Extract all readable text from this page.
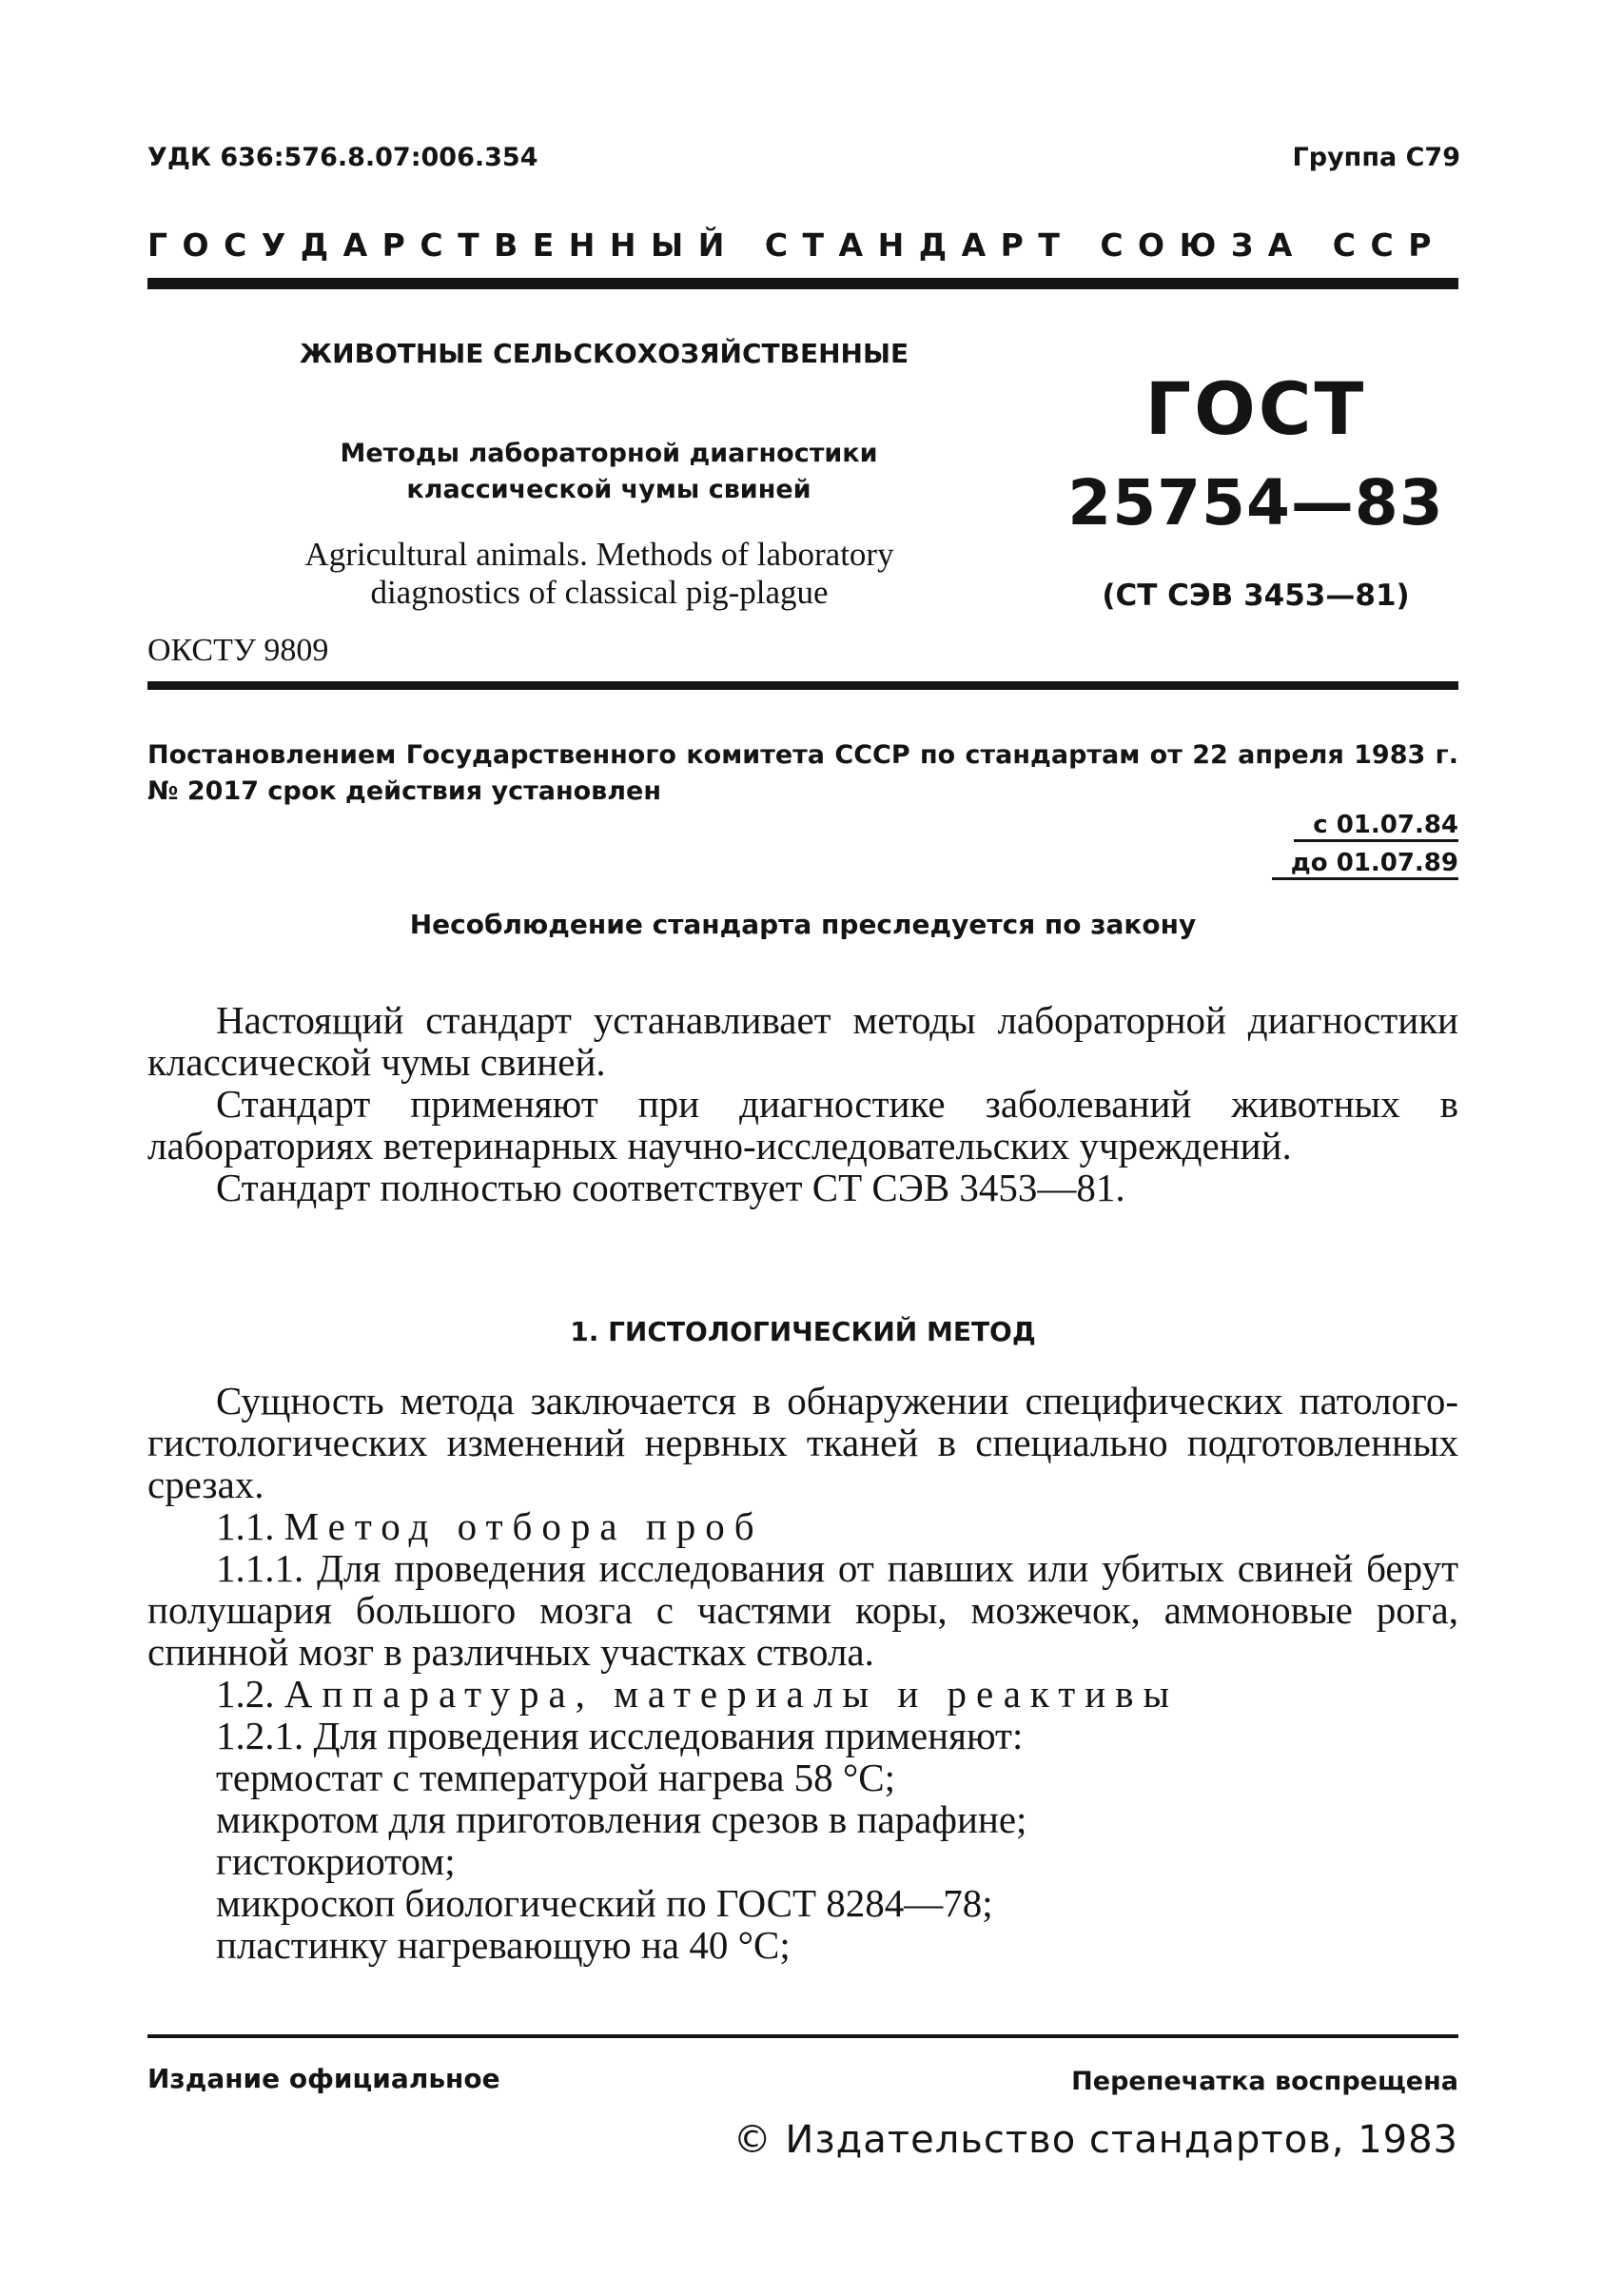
УДК 636:576.8.07:006.354	Группа С79
ГОСУДАРСТВЕННЫЙ СТАНДАРТ СОЮЗА ССР
ЖИВОТНЫЕ СЕЛЬСКОХОЗЯЙСТВЕННЫЕ
Методы лабораторной диагностики
классической чумы свиней
Agricultural animals. Methods of laboratory
diagnostics of classical pig-plague
ОКСТУ 9809
ГОСТ
25754—83
(СТ СЭВ 3453—81)
Постановлением Государственного комитета СССР по стандартам от 22 апреля 1983 г. № 2017 срок действия установлен
с 01.07.84
до 01.07.89
Несоблюдение стандарта преследуется по закону

Настоящий стандарт устанавливает методы лабораторной диагностики классической чумы свиней.

Стандарт применяют при диагностике заболеваний животных в лабораториях ветеринарных научно-исследовательских учреждений.

Стандарт полностью соответствует СТ СЭВ 3453—81.

1. ГИСТОЛОГИЧЕСКИЙ МЕТОД

Сущность метода заключается в обнаружении специфических патолого-гистологических изменений нервных тканей в специально подготовленных срезах.

1.1. Метод отбора проб

1.1.1. Для проведения исследования от павших или убитых свиней берут полушария большого мозга с частями коры, мозжечок, аммоновые рога, спинной мозг в различных участках ствола.

1.2. Аппаратура, материалы и реактивы

1.2.1. Для проведения исследования применяют:

термостат с температурой нагрева 58 °С;
микротом для приготовления срезов в парафине;
гистокриотом;
микроскоп биологический по ГОСТ 8284—78;
пластинку нагревающую на 40 °С;
Издание официальное	Перепечатка воспрещена
© Издательство стандартов, 1983
